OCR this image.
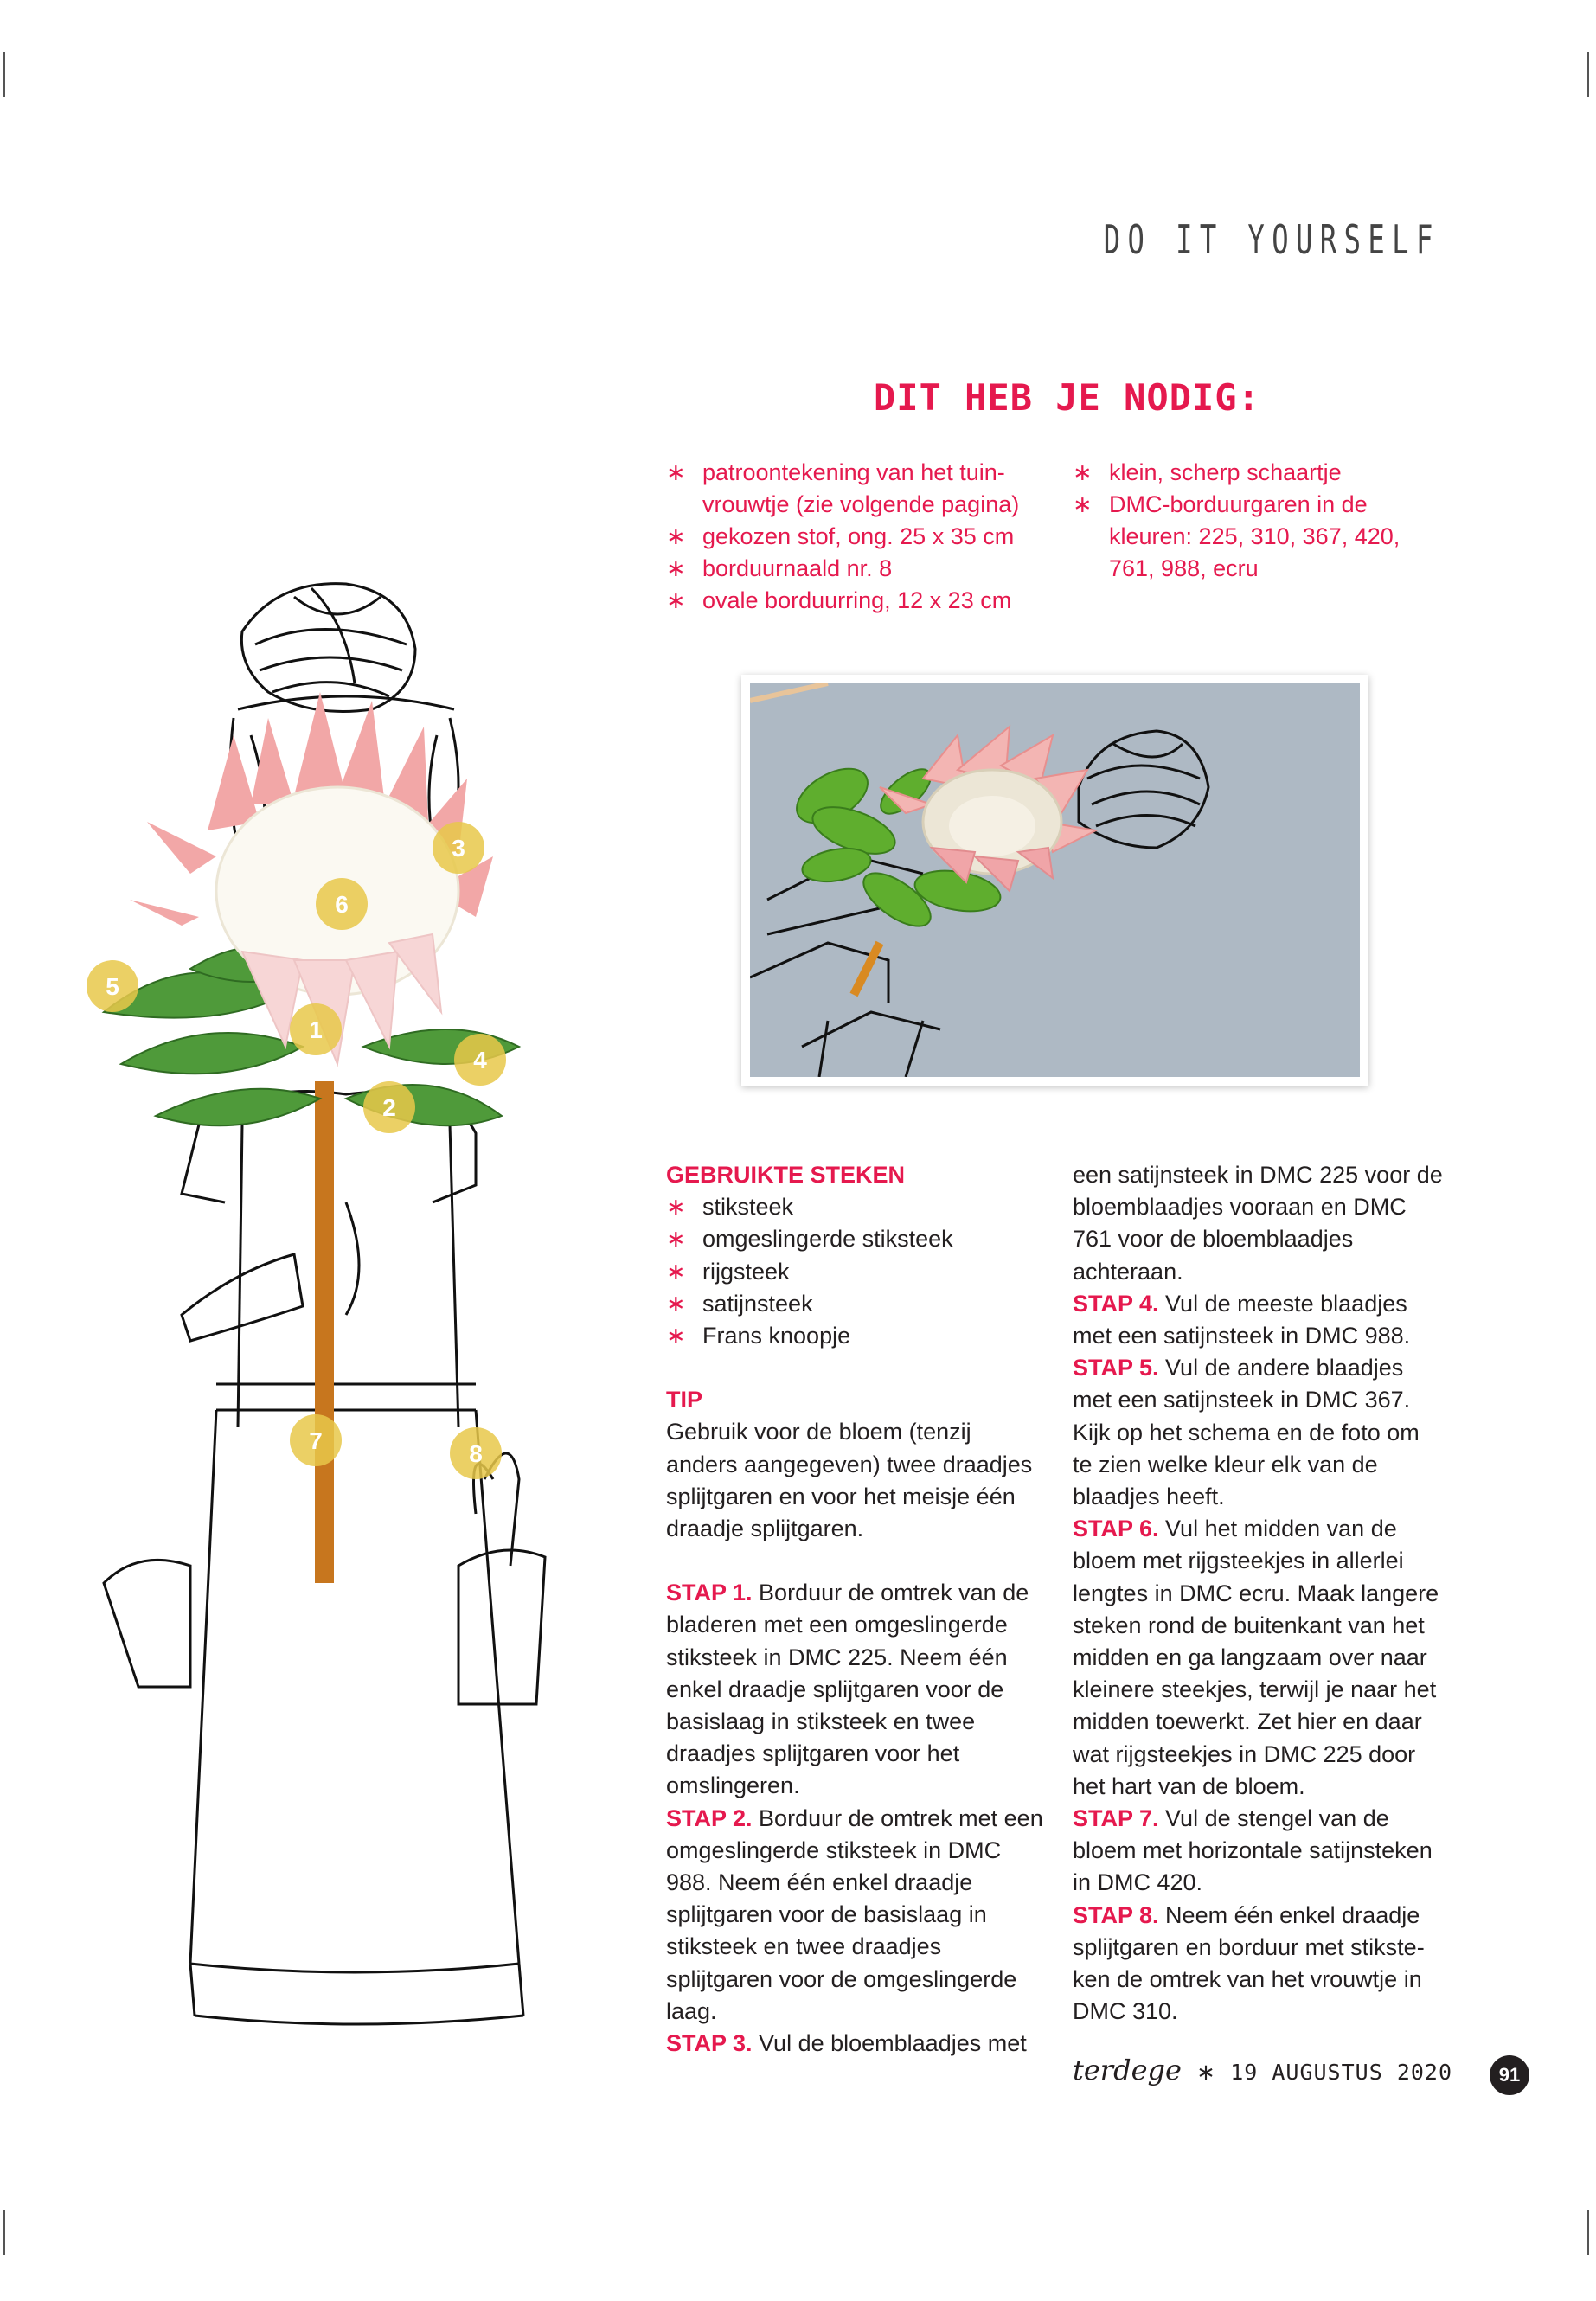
DO IT YOURSELF
DIT HEB JE NODIG:
∗ patroontekening van het tuin-vrouwtje (zie volgende pagina)
∗ gekozen stof, ong. 25 x 35 cm
∗ borduurnaald nr. 8
∗ ovale borduurring, 12 x 23 cm
∗ klein, scherp schaartje
∗ DMC-borduurgaren in de kleuren: 225, 310, 367, 420, 761, 988, ecru
1
2
3
4
5
6
7	8
GEBRUIKTE STEKEN
∗ stiksteek
∗ omgeslingerde stiksteek
∗ rijgsteek
∗ satijnsteek
∗ Frans knoopje
TIP
Gebruik voor de bloem (tenzij anders aangegeven) twee draadjes splijtgaren en voor het meisje één draadje splijtgaren.
STAP 1. Borduur de omtrek van de bladeren met een omgeslingerde stiksteek in DMC 225. Neem één enkel draadje splijtgaren voor de basislaag in stiksteek en twee draadjes splijtgaren voor het omslingeren.
STAP 2. Borduur de omtrek met een omgeslingerde stiksteek in DMC 988. Neem één enkel draadje splijtgaren voor de basislaag in stiksteek en twee draadjes splijtgaren voor de omgeslingerde laag.
STAP 3. Vul de bloemblaadjes met
een satijnsteek in DMC 225 voor de bloemblaadjes vooraan en DMC 761 voor de bloemblaadjes achteraan.
STAP 4. Vul de meeste blaadjes met een satijnsteek in DMC 988.
STAP 5. Vul de andere blaadjes met een satijnsteek in DMC 367. Kijk op het schema en de foto om te zien welke kleur elk van de blaadjes heeft.
STAP 6. Vul het midden van de bloem met rijgsteekjes in allerlei lengtes in DMC ecru. Maak langere steken rond de buitenkant van het midden en ga langzaam over naar kleinere steekjes, terwijl je naar het midden toewerkt. Zet hier en daar wat rijgsteekjes in DMC 225 door het hart van de bloem.
STAP 7. Vul de stengel van de bloem met horizontale satijnsteken in DMC 420.
STAP 8. Neem één enkel draadje splijtgaren en borduur met stikste-ken de omtrek van het vrouwtje in DMC 310.
terdege ∗ 19 AUGUSTUS 2020	91
